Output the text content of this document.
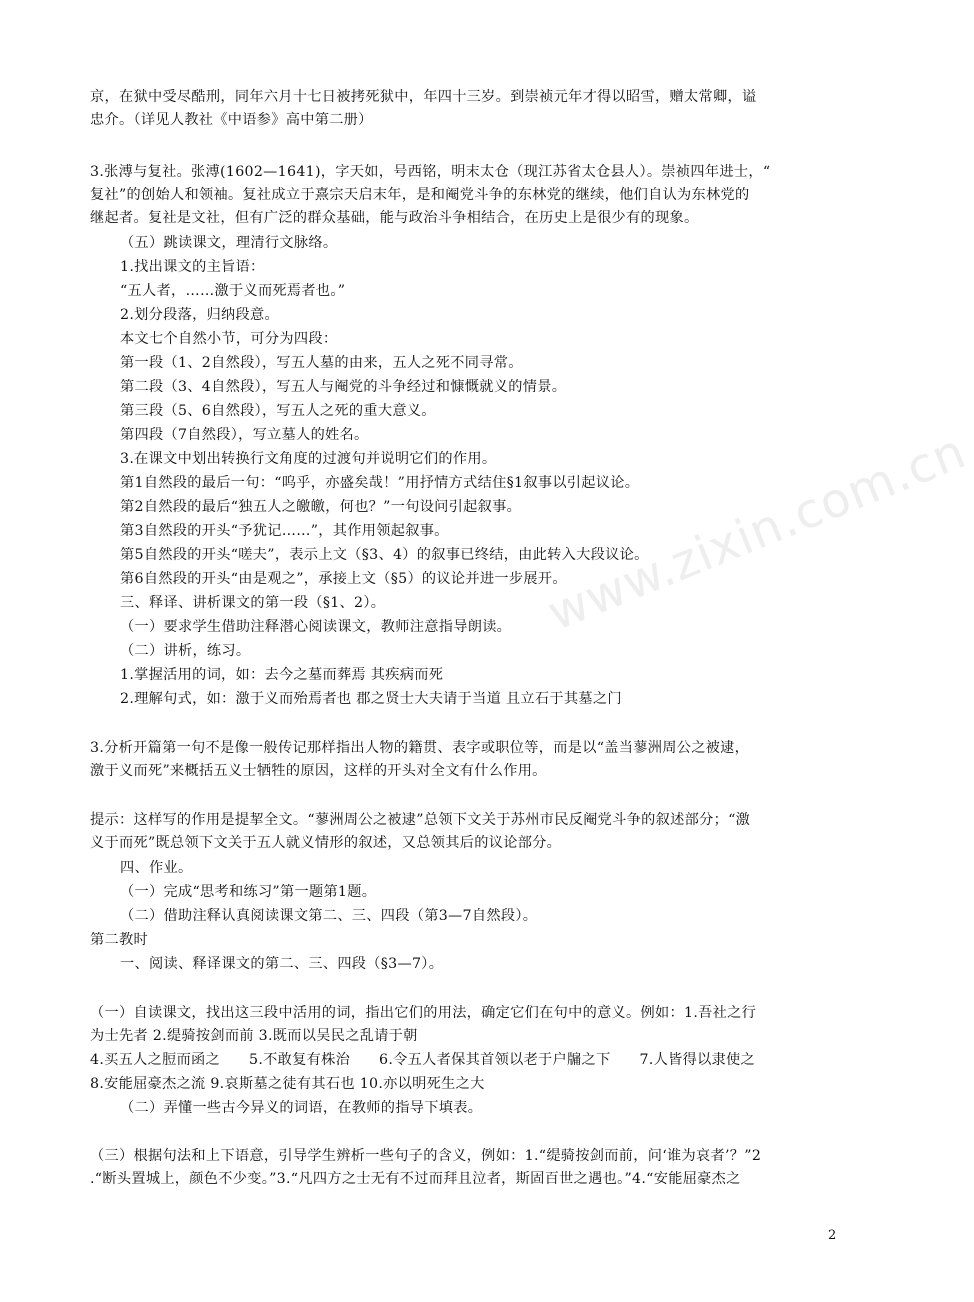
www.zixin.com.cn
京，在狱中受尽酷刑，同年六月十七日被拷死狱中，年四十三岁。到崇祯元年才得以昭雪，赠太常卿，谥
忠介。（详见人教社《中语参》高中第二册）
3.张溥与复社。张溥(1602—1641)，字天如，号西铭，明末太仓（现江苏省太仓县人）。崇祯四年进士，“
复社”的创始人和领袖。复社成立于熹宗天启末年，是和阉党斗争的东林党的继续，他们自认为东林党的
继起者。复社是文社，但有广泛的群众基础，能与政治斗争相结合，在历史上是很少有的现象。
（五）跳读课文，理清行文脉络。
1.找出课文的主旨语：
“五人者，……激于义而死焉者也。”
2.划分段落，归纳段意。
本文七个自然小节，可分为四段：
第一段（1、2自然段），写五人墓的由来，五人之死不同寻常。
第二段（3、4自然段），写五人与阉党的斗争经过和慷慨就义的情景。
第三段（5、6自然段），写五人之死的重大意义。
第四段（7自然段），写立墓人的姓名。
3.在课文中划出转换行文角度的过渡句并说明它们的作用。
第1自然段的最后一句：“呜乎，亦盛矣哉！”用抒情方式结住§1叙事以引起议论。
第2自然段的最后“独五人之皦皦，何也？”一句设问引起叙事。
第3自然段的开头“予犹记……”，其作用领起叙事。
第5自然段的开头“嗟夫”，表示上文（§3、4）的叙事已终结，由此转入大段议论。
第6自然段的开头“由是观之”，承接上文（§5）的议论并进一步展开。
三、释译、讲析课文的第一段（§1、2）。
（一）要求学生借助注释潜心阅读课文，教师注意指导朗读。
（二）讲析，练习。
1.掌握活用的词，如：去今之墓而葬焉 其疾病而死
2.理解句式，如：激于义而殆焉者也 郡之贤士大夫请于当道 且立石于其墓之门
3.分析开篇第一句不是像一般传记那样指出人物的籍贯、表字或职位等，而是以“盖当蓼洲周公之被逮，
激于义而死”来概括五义士牺牲的原因，这样的开头对全文有什么作用。
提示：这样写的作用是提挈全文。“蓼洲周公之被逮”总领下文关于苏州市民反阉党斗争的叙述部分；“激
义于而死”既总领下文关于五人就义情形的叙述，又总领其后的议论部分。
四、作业。
（一）完成“思考和练习”第一题第1题。
（二）借助注释认真阅读课文第二、三、四段（第3—7自然段）。
第二教时
一、阅读、释译课文的第二、三、四段（§3—7）。
（一）自读课文，找出这三段中活用的词，指出它们的用法，确定它们在句中的意义。例如：1.吾社之行
为士先者 2.缇骑按剑而前 3.既而以吴民之乱请于朝
4.买五人之脰而函之　　5.不敢复有株治　　6.令五人者保其首领以老于户牖之下　　7.人皆得以隶使之
8.安能屈豪杰之流 9.哀斯墓之徒有其石也 10.亦以明死生之大
（二）弄懂一些古今异义的词语，在教师的指导下填表。
（三）根据句法和上下语意，引导学生辨析一些句子的含义，例如：1.“缇骑按剑而前，问‘谁为哀者’？”2
.“断头置城上，颜色不少变。”3.“凡四方之士无有不过而拜且泣者，斯固百世之遇也。”4.“安能屈豪杰之
2
